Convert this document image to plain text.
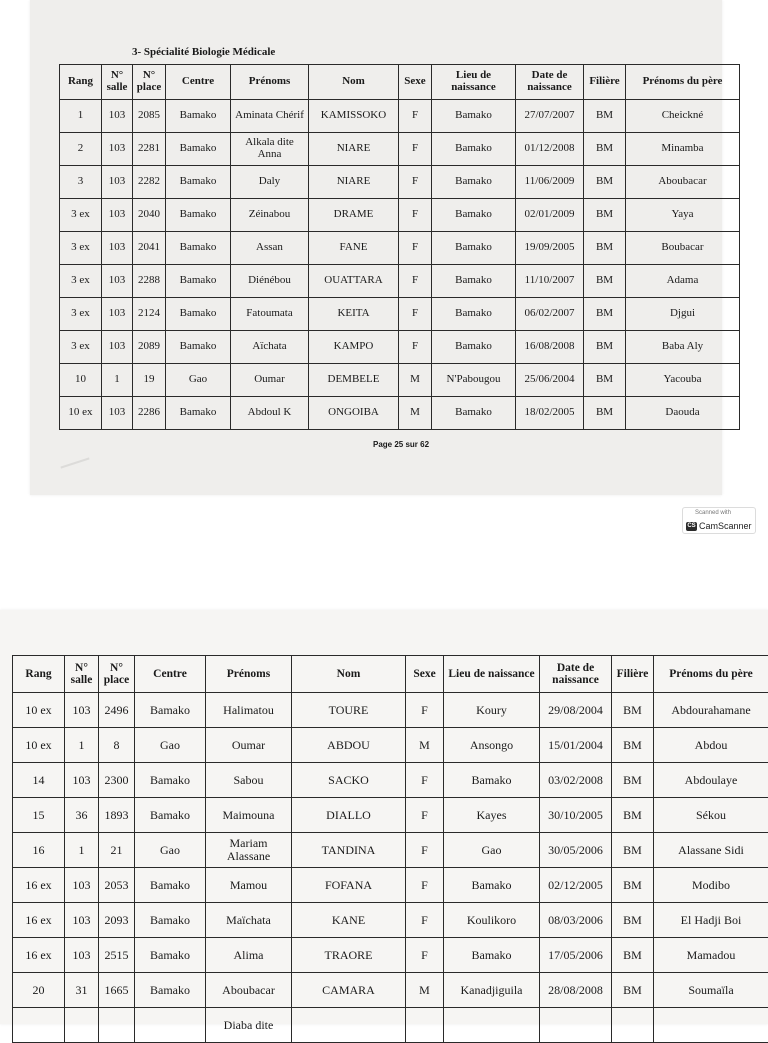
3- Spécialité Biologie Médicale
Rang	N° salle	N° place	Centre	Prénoms	Nom	Sexe	Lieu de naissance	Date de naissance	Filière	Prénoms du père
1	103	2085	Bamako	Aminata Chérif	KAMISSOKO	F	Bamako	27/07/2007	BM	Cheickné
2	103	2281	Bamako	Alkala dite Anna	NIARE	F	Bamako	01/12/2008	BM	Minamba
3	103	2282	Bamako	Daly	NIARE	F	Bamako	11/06/2009	BM	Aboubacar
3 ex	103	2040	Bamako	Zéinabou	DRAME	F	Bamako	02/01/2009	BM	Yaya
3 ex	103	2041	Bamako	Assan	FANE	F	Bamako	19/09/2005	BM	Boubacar
3 ex	103	2288	Bamako	Diénébou	OUATTARA	F	Bamako	11/10/2007	BM	Adama
3 ex	103	2124	Bamako	Fatoumata	KEITA	F	Bamako	06/02/2007	BM	Djgui
3 ex	103	2089	Bamako	Aïchata	KAMPO	F	Bamako	16/08/2008	BM	Baba Aly
10	1	19	Gao	Oumar	DEMBELE	M	N'Pabougou	25/06/2004	BM	Yacouba
10 ex	103	2286	Bamako	Abdoul K	ONGOIBA	M	Bamako	18/02/2005	BM	Daouda
Page 25 sur 62
Scanned with
CS CamScanner
Rang	N° salle	N° place	Centre	Prénoms	Nom	Sexe	Lieu de naissance	Date de naissance	Filière	Prénoms du père
10 ex	103	2496	Bamako	Halimatou	TOURE	F	Koury	29/08/2004	BM	Abdourahamane
10 ex	1	8	Gao	Oumar	ABDOU	M	Ansongo	15/01/2004	BM	Abdou
14	103	2300	Bamako	Sabou	SACKO	F	Bamako	03/02/2008	BM	Abdoulaye
15	36	1893	Bamako	Maimouna	DIALLO	F	Kayes	30/10/2005	BM	Sékou
16	1	21	Gao	Mariam Alassane	TANDINA	F	Gao	30/05/2006	BM	Alassane Sidi
16 ex	103	2053	Bamako	Mamou	FOFANA	F	Bamako	02/12/2005	BM	Modibo
16 ex	103	2093	Bamako	Maïchata	KANE	F	Koulikoro	08/03/2006	BM	El Hadji Boi
16 ex	103	2515	Bamako	Alima	TRAORE	F	Bamako	17/05/2006	BM	Mamadou
20	31	1665	Bamako	Aboubacar	CAMARA	M	Kanadjiguila	28/08/2008	BM	Soumaïla
				Diaba dite						
